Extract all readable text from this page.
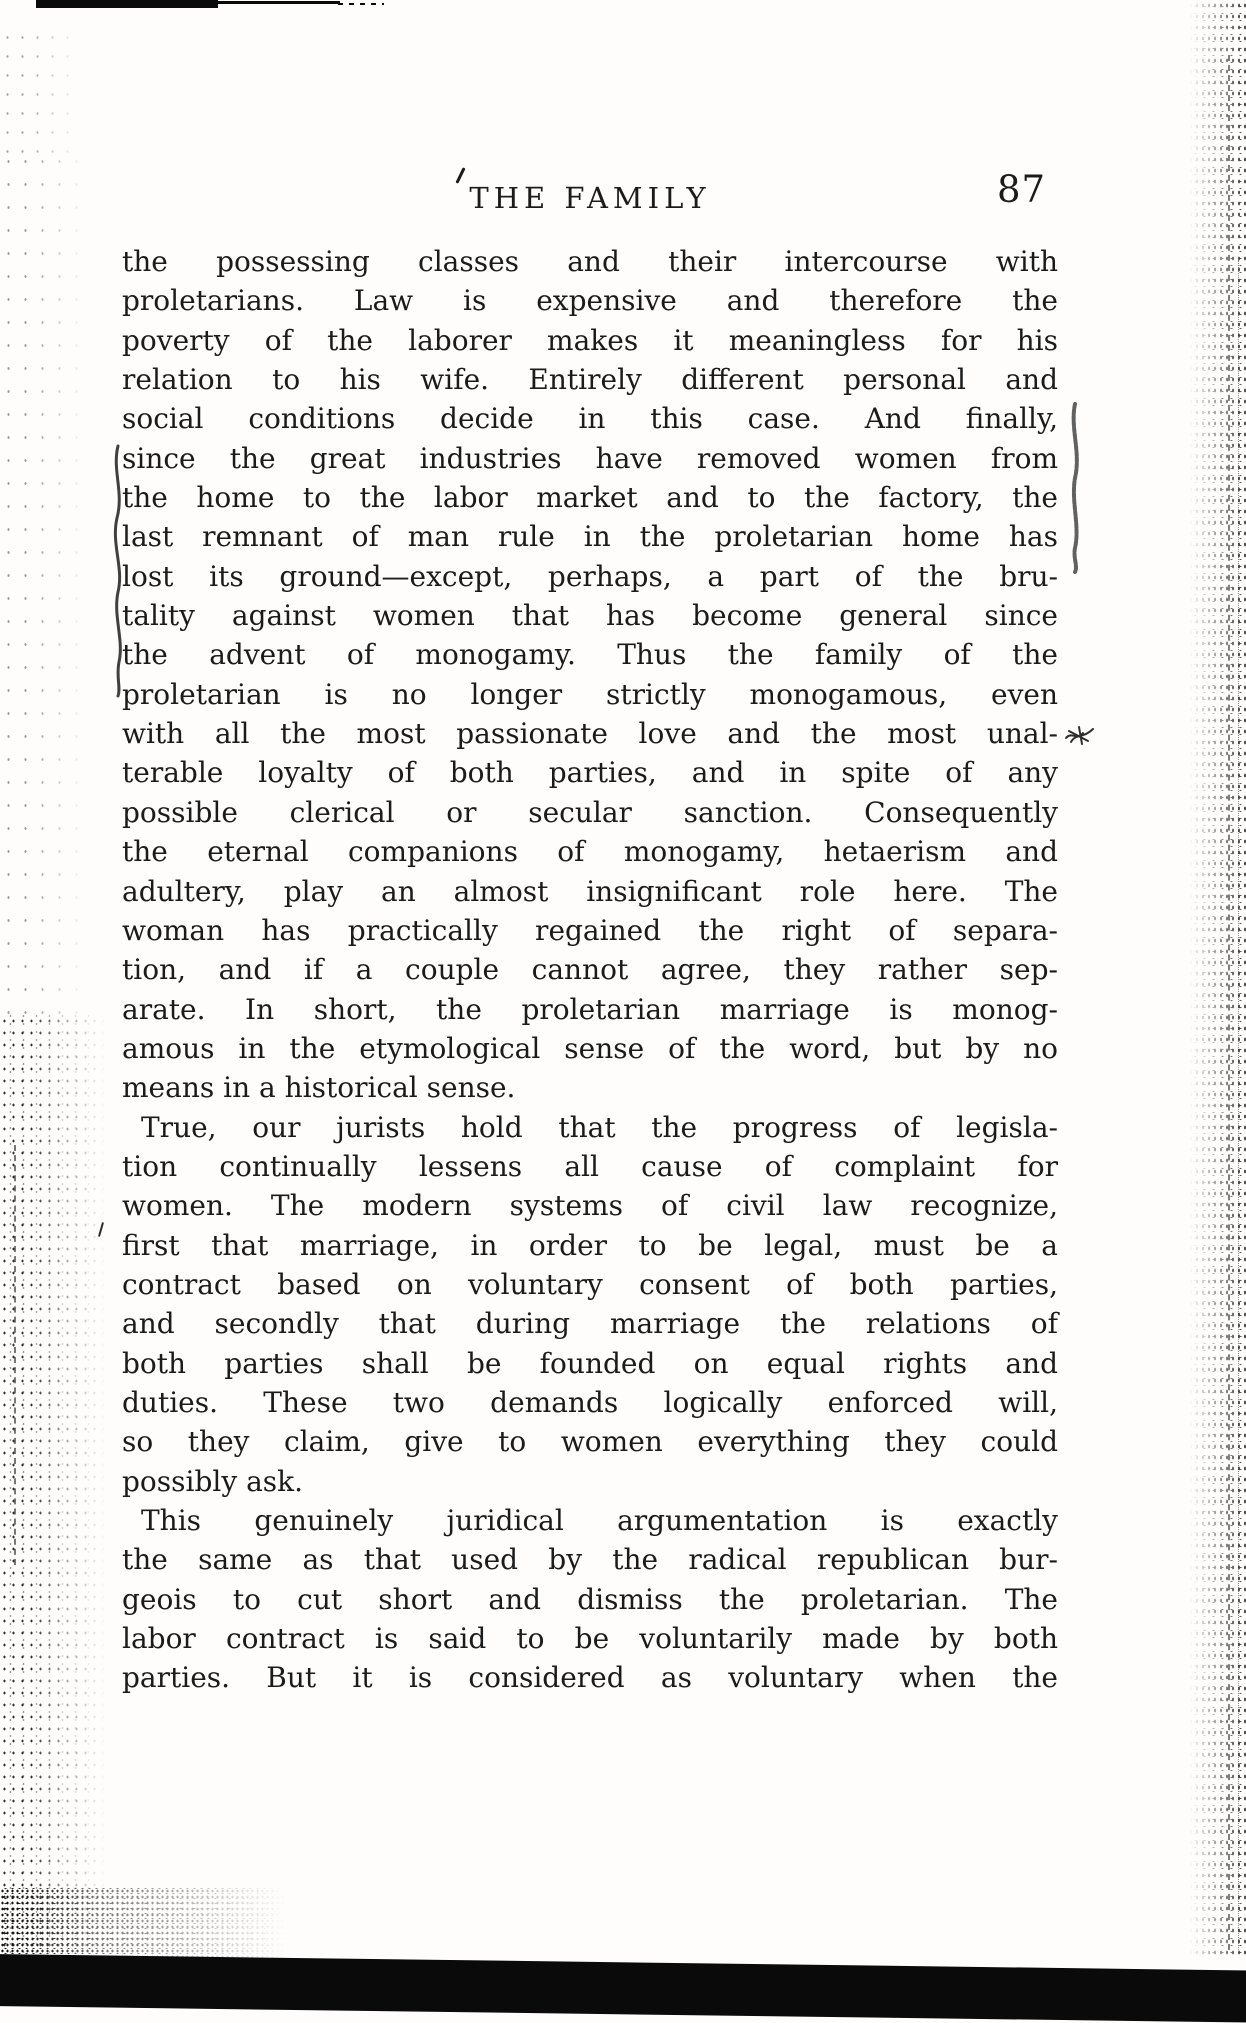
THE FAMILY	87
the possessing classes and their intercourse with
proletarians. Law is expensive and therefore the
poverty of the laborer makes it meaningless for his
relation to his wife. Entirely different personal and
social conditions decide in this case. And finally,
since the great industries have removed women from
the home to the labor market and to the factory, the
last remnant of man rule in the proletarian home has
lost its ground—except, perhaps, a part of the bru-
tality against women that has become general since
the advent of monogamy. Thus the family of the
proletarian is no longer strictly monogamous, even
with all the most passionate love and the most unal-
terable loyalty of both parties, and in spite of any
possible clerical or secular sanction. Consequently
the eternal companions of monogamy, hetaerism and
adultery, play an almost insignificant role here. The
woman has practically regained the right of separa-
tion, and if a couple cannot agree, they rather sep-
arate. In short, the proletarian marriage is monog-
amous in the etymological sense of the word, but by no
means in a historical sense.
True, our jurists hold that the progress of legisla-
tion continually lessens all cause of complaint for
women. The modern systems of civil law recognize,
first that marriage, in order to be legal, must be a
contract based on voluntary consent of both parties,
and secondly that during marriage the relations of
both parties shall be founded on equal rights and
duties. These two demands logically enforced will,
so they claim, give to women everything they could
possibly ask.
This genuinely juridical argumentation is exactly
the same as that used by the radical republican bur-
geois to cut short and dismiss the proletarian. The
labor contract is said to be voluntarily made by both
parties. But it is considered as voluntary when the
